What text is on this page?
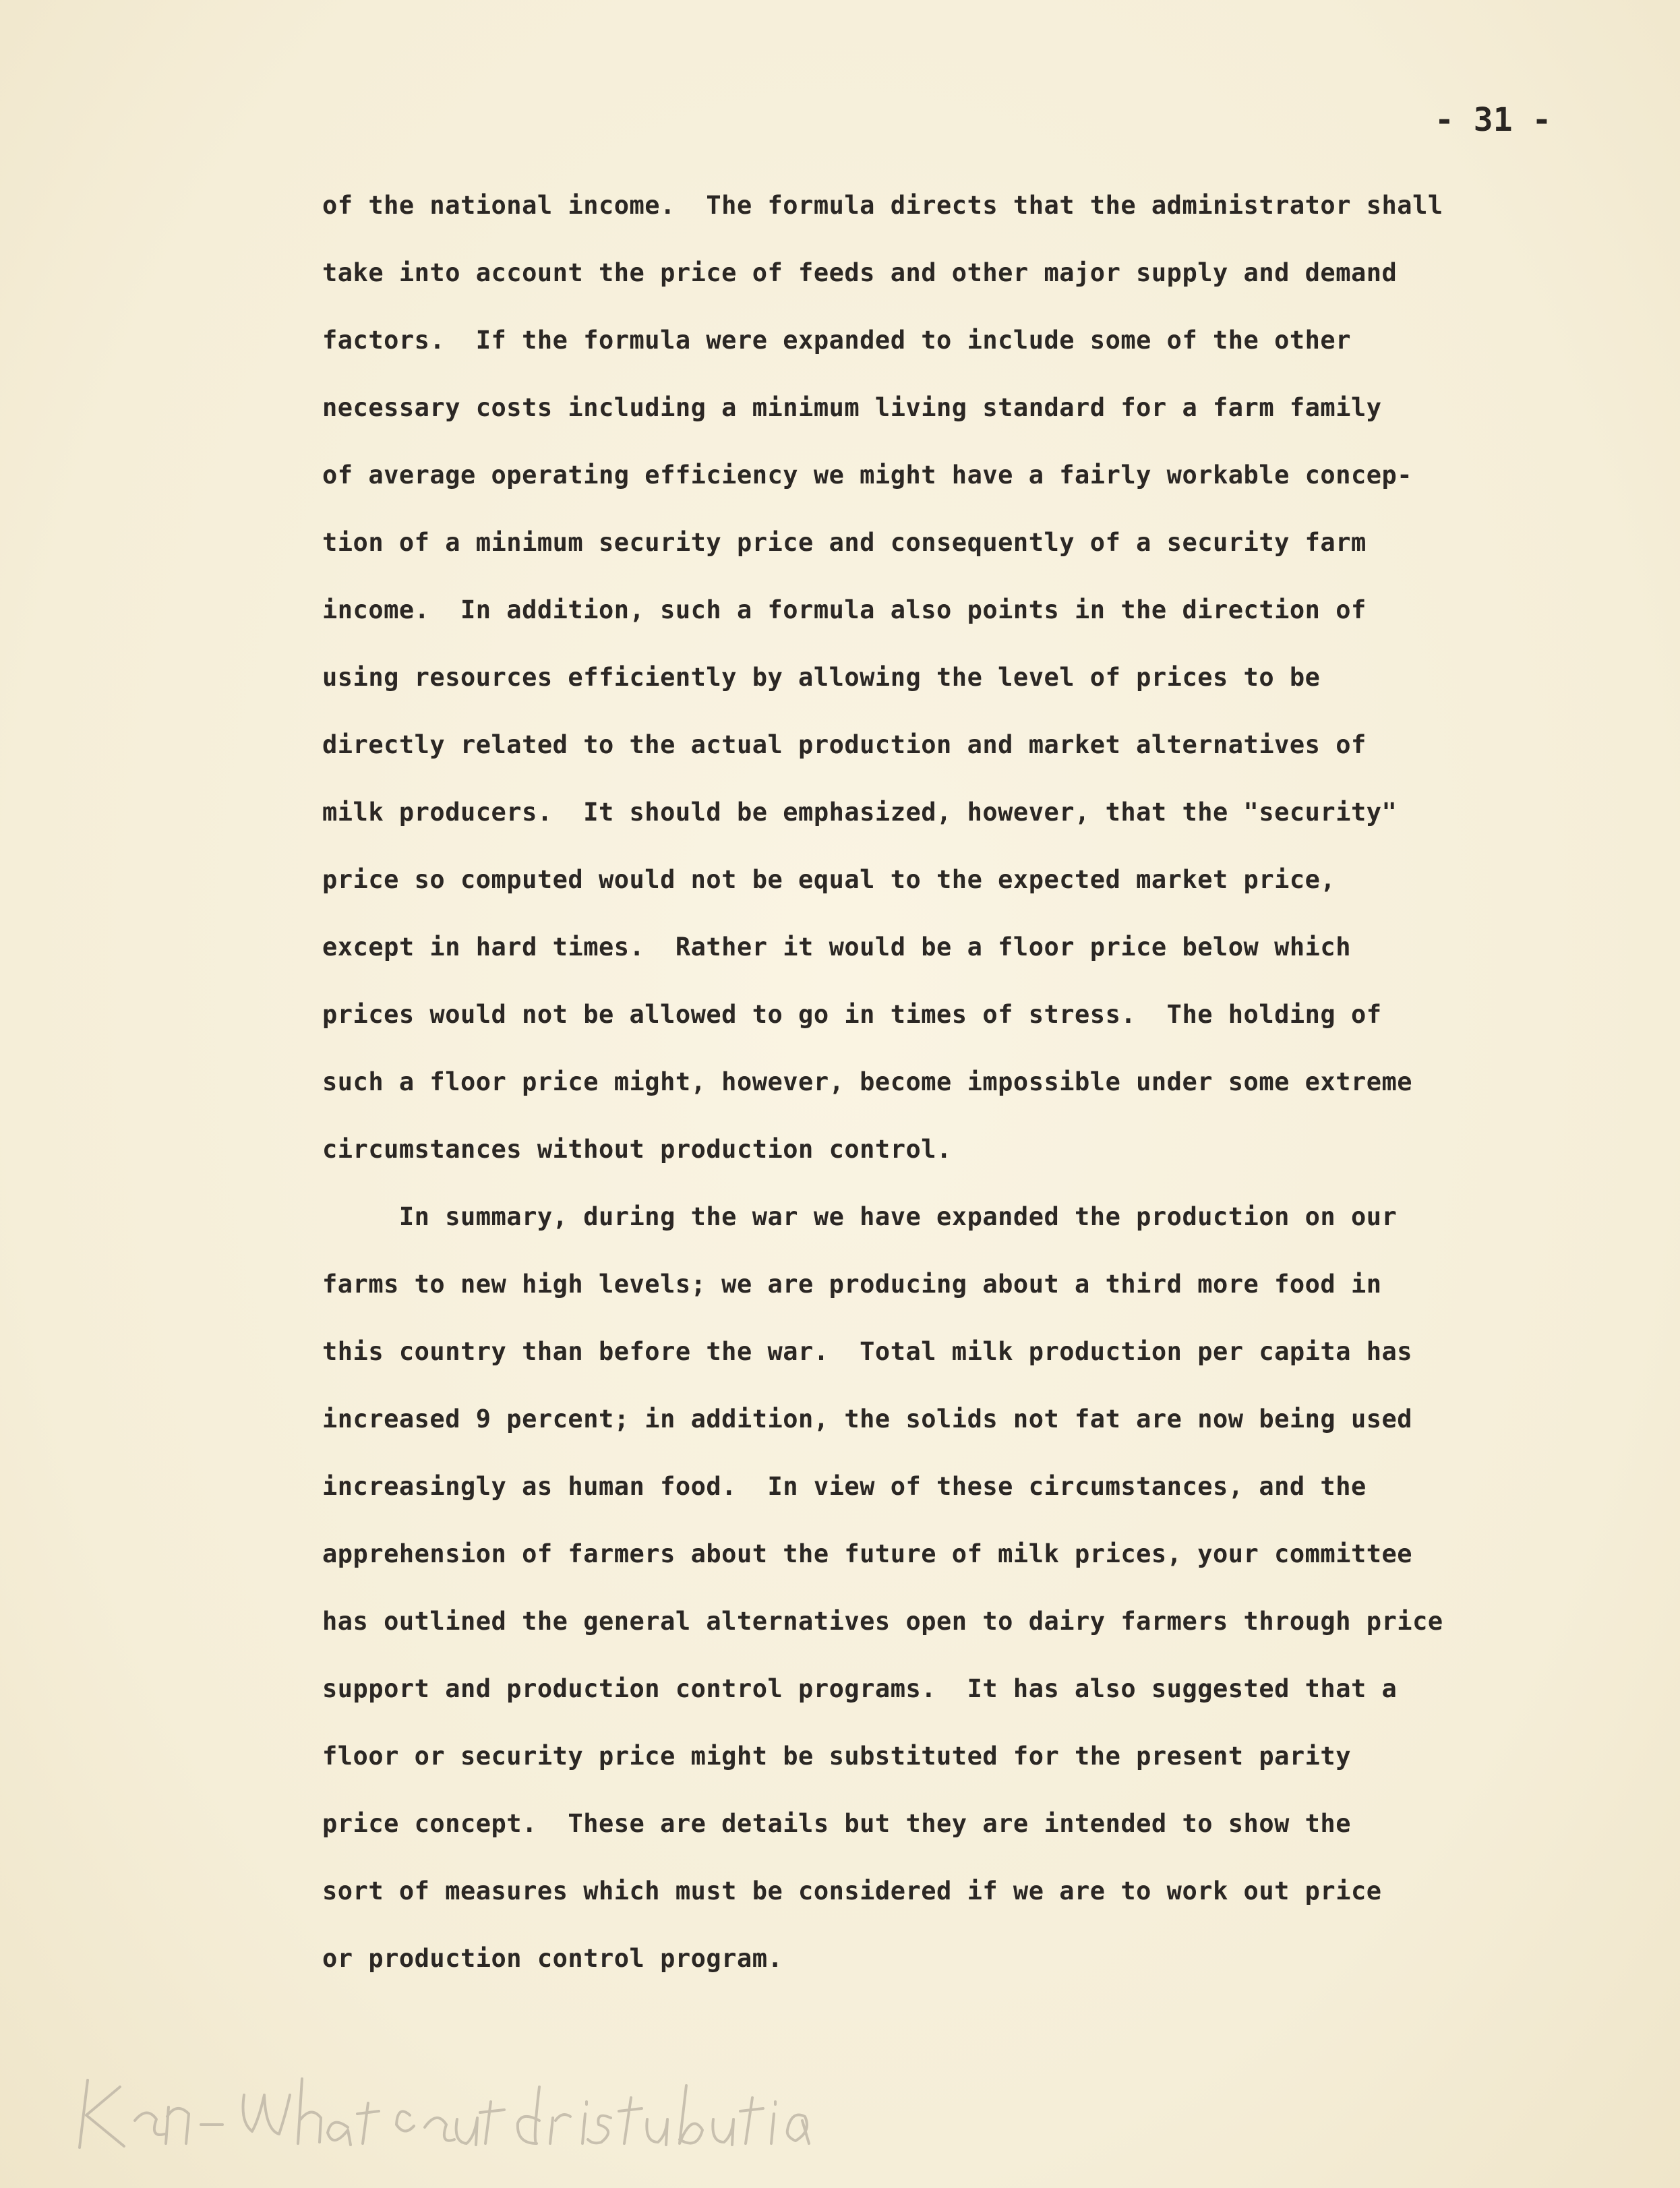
- 31 -
of the national income.  The formula directs that the administrator shall
take into account the price of feeds and other major supply and demand
factors.  If the formula were expanded to include some of the other
necessary costs including a minimum living standard for a farm family
of average operating efficiency we might have a fairly workable concep-
tion of a minimum security price and consequently of a security farm
income.  In addition, such a formula also points in the direction of
using resources efficiently by allowing the level of prices to be
directly related to the actual production and market alternatives of
milk producers.  It should be emphasized, however, that the "security"
price so computed would not be equal to the expected market price,
except in hard times.  Rather it would be a floor price below which
prices would not be allowed to go in times of stress.  The holding of
such a floor price might, however, become impossible under some extreme
circumstances without production control.
In summary, during the war we have expanded the production on our
farms to new high levels; we are producing about a third more food in
this country than before the war.  Total milk production per capita has
increased 9 percent; in addition, the solids not fat are now being used
increasingly as human food.  In view of these circumstances, and the
apprehension of farmers about the future of milk prices, your committee
has outlined the general alternatives open to dairy farmers through price
support and production control programs.  It has also suggested that a
floor or security price might be substituted for the present parity
price concept.  These are details but they are intended to show the
sort of measures which must be considered if we are to work out price
or production control program.
